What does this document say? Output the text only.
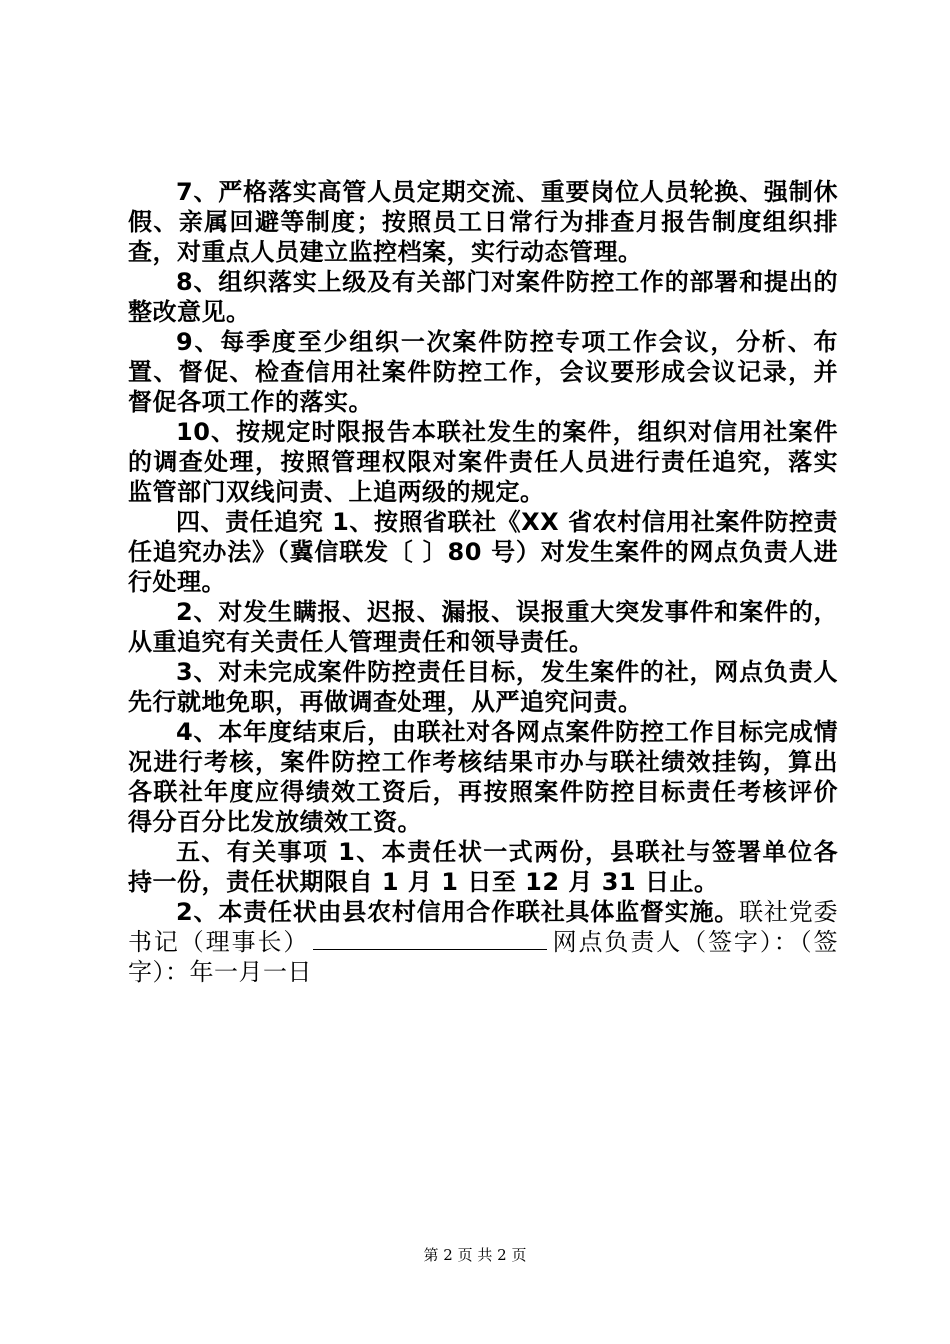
7、严格落实高管人员定期交流、重要岗位人员轮换、强制休假、亲属回避等制度；按照员工日常行为排查月报告制度组织排查，对重点人员建立监控档案，实行动态管理。

8、组织落实上级及有关部门对案件防控工作的部署和提出的整改意见。

9、每季度至少组织一次案件防控专项工作会议，分析、布置、督促、检查信用社案件防控工作，会议要形成会议记录，并督促各项工作的落实。

10、按规定时限报告本联社发生的案件，组织对信用社案件的调查处理，按照管理权限对案件责任人员进行责任追究，落实监管部门双线问责、上追两级的规定。

四、责任追究 1、按照省联社《XX 省农村信用社案件防控责任追究办法》（冀信联发〔 〕80 号）对发生案件的网点负责人进行处理。

2、对发生瞒报、迟报、漏报、误报重大突发事件和案件的，从重追究有关责任人管理责任和领导责任。

3、对未完成案件防控责任目标，发生案件的社，网点负责人先行就地免职，再做调查处理，从严追究问责。

4、本年度结束后，由联社对各网点案件防控工作目标完成情况进行考核，案件防控工作考核结果市办与联社绩效挂钩，算出各联社年度应得绩效工资后，再按照案件防控目标责任考核评价得分百分比发放绩效工资。

五、有关事项 1、本责任状一式两份，县联社与签署单位各持一份，责任状期限自 1 月 1 日至 12 月 31 日止。

2、本责任状由县农村信用合作联社具体监督实施。联社党委书记（理事长）	网点负责人（签字）：（签字）：年一月一日

第 2 页 共 2 页
